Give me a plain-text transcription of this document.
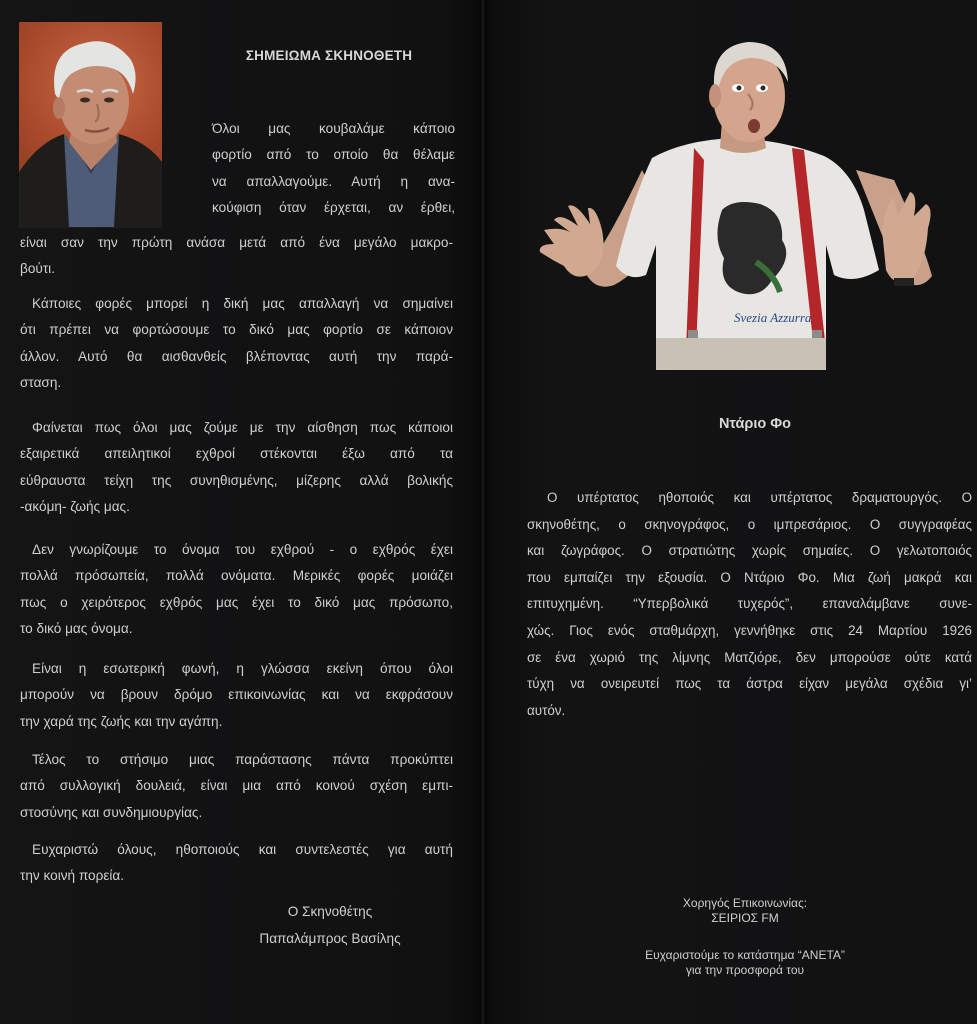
ΣΗΜΕΙΩΜΑ ΣΚΗΝΟΘΕΤΗ
Όλοι μας κουβαλάμε κάποιο
φορτίο από το οποίο θα θέλαμε
να απαλλαγούμε. Αυτή η ανα-
κούφιση όταν έρχεται, αν έρθει,
είναι σαν την πρώτη ανάσα μετά από ένα μεγάλο μακρο-
βούτι.
Κάποιες φορές μπορεί η δική μας απαλλαγή να σημαίνει
ότι πρέπει να φορτώσουμε το δικό μας φορτίο σε κάποιον
άλλον. Αυτό θα αισθανθείς βλέποντας αυτή την παρά-
σταση.
Φαίνεται πως όλοι μας ζούμε με την αίσθηση πως κάποιοι
εξαιρετικά απειλητικοί εχθροί στέκονται έξω από τα
εύθραυστα τείχη της συνηθισμένης, μίζερης αλλά βολικής
-ακόμη- ζωής μας.
Δεν γνωρίζουμε το όνομα του εχθρού - ο εχθρός έχει
πολλά πρόσωπεία, πολλά ονόματα. Μερικές φορές μοιάζει
πως ο χειρότερος εχθρός μας έχει το δικό μας πρόσωπο,
το δικό μας όνομα.
Είναι η εσωτερική φωνή, η γλώσσα εκείνη όπου όλοι
μπορούν να βρουν δρόμο επικοινωνίας και να εκφράσουν
την χαρά της ζωής και την αγάπη.
Τέλος το στήσιμο μιας παράστασης πάντα προκύπτει
από συλλογική δουλειά, είναι μια από κοινού σχέση εμπι-
στοσύνης και συνδημιουργίας.
Ευχαριστώ όλους, ηθοποιούς και συντελεστές για αυτή
την κοινή πορεία.
Ο Σκηνοθέτης
Παπαλάμπρος Βασίλης
Svezia Azzurra
Ντάριο Φο
Ο υπέρτατος ηθοποιός και υπέρτατος δραματουργός. Ο
σκηνοθέτης, ο σκηνογράφος, ο ιμπρεσάριος. Ο συγγραφέας
και ζωγράφος. Ο στρατιώτης χωρίς σημαίες. Ο γελωτοποιός
που εμπαίζει την εξουσία. Ο Ντάριο Φο. Μια ζωή μακρά και
επιτυχημένη. “Υπερβολικά τυχερός”, επαναλάμβανε συνε-
χώς. Γιος ενός σταθμάρχη, γεννήθηκε στις 24 Μαρτίου 1926
σε ένα χωριό της λίμνης Ματζιόρε, δεν μπορούσε ούτε κατά
τύχη να ονειρευτεί πως τα άστρα είχαν μεγάλα σχέδια γι’
αυτόν.
Χορηγός Επικοινωνίας:
ΣΕΙΡΙΟΣ FM
Ευχαριστούμε το κατάστημα “ΑΝΕΤΑ”
για την προσφορά του
